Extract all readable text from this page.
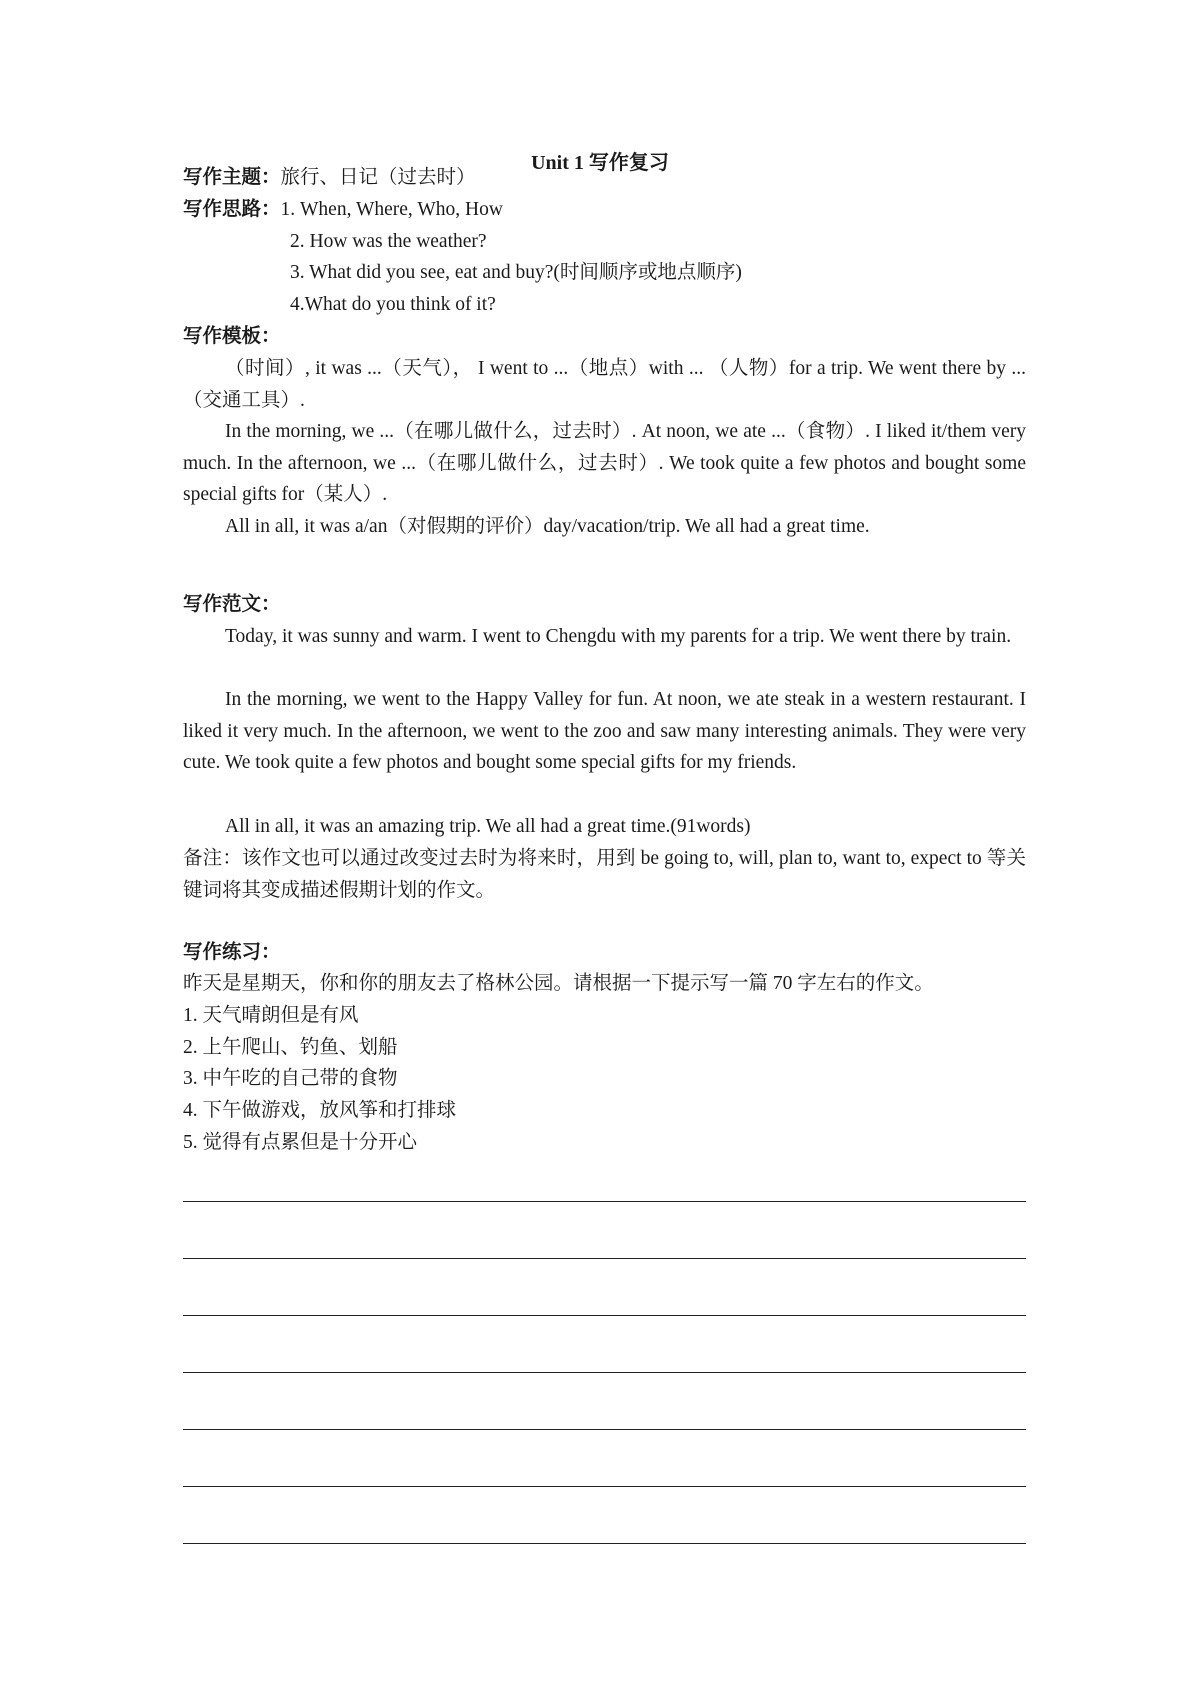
Unit 1 写作复习
写作主题：旅行、日记（过去时）
写作思路：1. When, Where, Who, How
2. How was the weather?
3. What did you see, eat and buy?(时间顺序或地点顺序)
4.What do you think of it?
写作模板：
（时间）, it was ...（天气）， I went to ...（地点）with ... （人物）for a trip. We went there by ... （交通工具）.
In the morning, we ...（在哪儿做什么，过去时）. At noon, we ate ...（食物）. I liked it/them very much. In the afternoon, we ...（在哪儿做什么，过去时）. We took quite a few photos and bought some special gifts for（某人）.
All in all, it was a/an（对假期的评价）day/vacation/trip. We all had a great time.
写作范文：
Today, it was sunny and warm. I went to Chengdu with my parents for a trip. We went there by train.
In the morning, we went to the Happy Valley for fun. At noon, we ate steak in a western restaurant. I liked it very much. In the afternoon, we went to the zoo and saw many interesting animals. They were very cute. We took quite a few photos and bought some special gifts for my friends.
All in all, it was an amazing trip. We all had a great time.(91words)
备注：该作文也可以通过改变过去时为将来时，用到 be going to, will, plan to, want to, expect to 等关键词将其变成描述假期计划的作文。
写作练习：
昨天是星期天，你和你的朋友去了格林公园。请根据一下提示写一篇 70 字左右的作文。
1. 天气晴朗但是有风
2. 上午爬山、钓鱼、划船
3. 中午吃的自己带的食物
4. 下午做游戏，放风筝和打排球
5. 觉得有点累但是十分开心
